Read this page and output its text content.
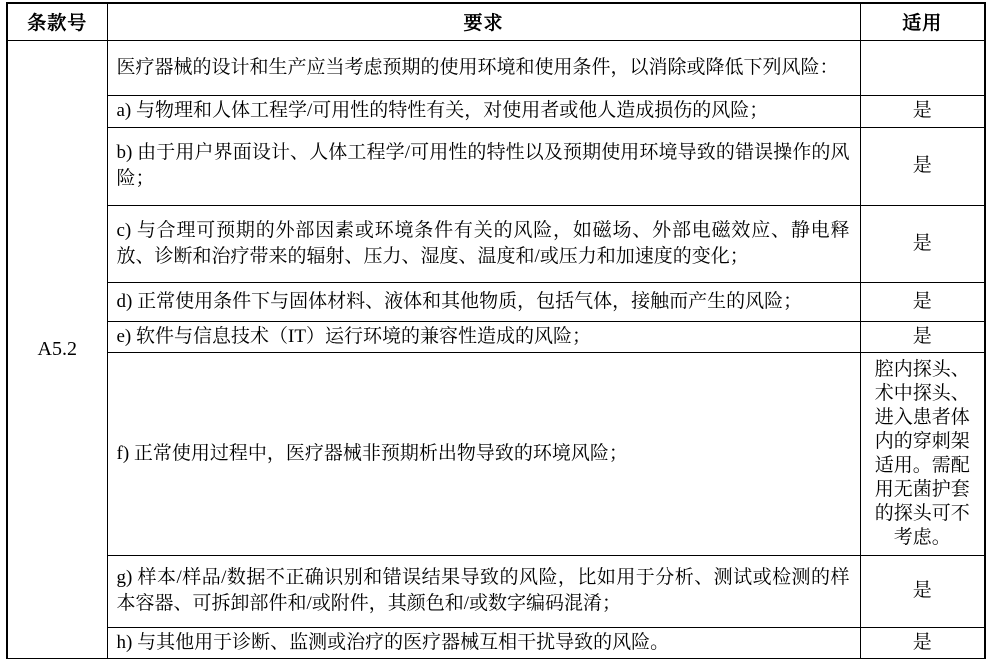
条款号	要求	适用
A5.2	医疗器械的设计和生产应当考虑预期的使用环境和使用条件，以消除或降低下列风险：	
	a) 与物理和人体工程学/可用性的特性有关，对使用者或他人造成损伤的风险；	是
	b) 由于用户界面设计、人体工程学/可用性的特性以及预期使用环境导致的错误操作的风险；	是
	c) 与合理可预期的外部因素或环境条件有关的风险，如磁场、外部电磁效应、静电释放、诊断和治疗带来的辐射、压力、湿度、温度和/或压力和加速度的变化；	是
	d) 正常使用条件下与固体材料、液体和其他物质，包括气体，接触而产生的风险；	是
	e) 软件与信息技术（IT）运行环境的兼容性造成的风险；	是
	f) 正常使用过程中，医疗器械非预期析出物导致的环境风险；	腔内探头、术中探头、进入患者体内的穿刺架适用。需配用无菌护套的探头可不考虑。
	g) 样本/样品/数据不正确识别和错误结果导致的风险，比如用于分析、测试或检测的样本容器、可拆卸部件和/或附件，其颜色和/或数字编码混淆；	是
	h) 与其他用于诊断、监测或治疗的医疗器械互相干扰导致的风险。	是
